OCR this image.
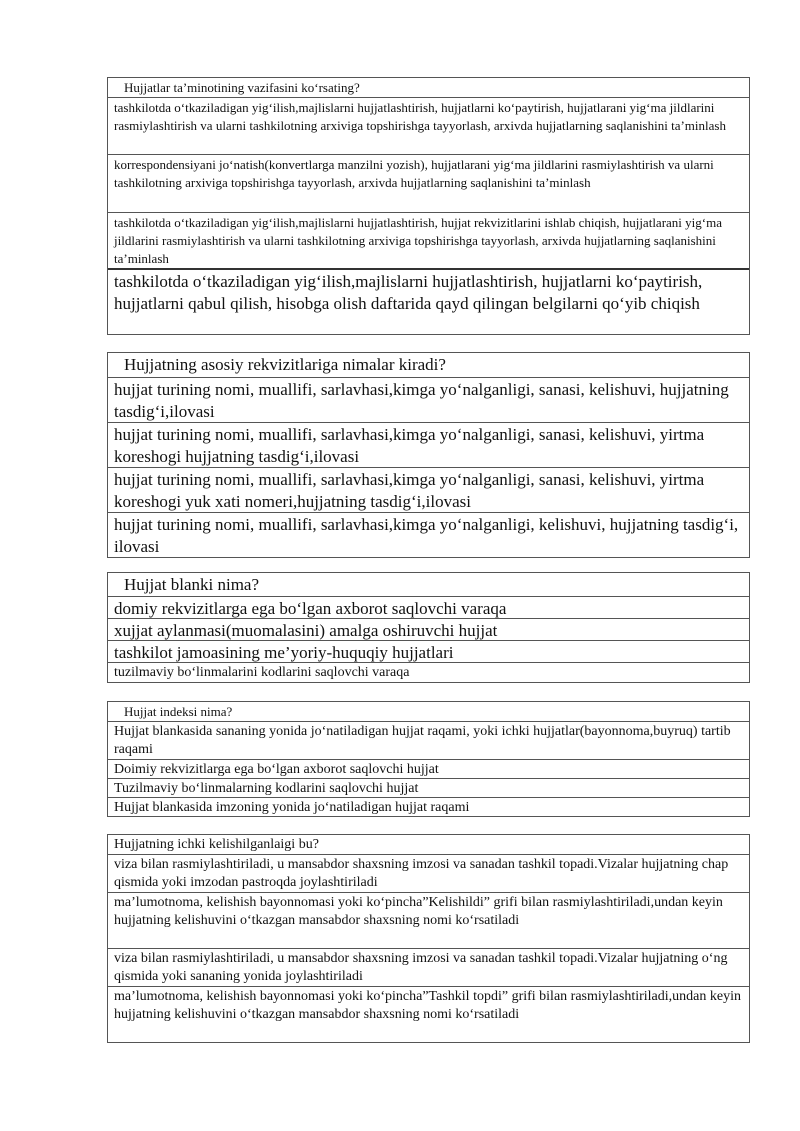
Hujjatlar ta’minotining vazifasini ko‘rsating?
tashkilotda o‘tkaziladigan yig‘ilish,majlislarni hujjatlashtirish, hujjatlarni ko‘paytirish, hujjatlarani yig‘ma jildlarini rasmiylashtirish va ularni tashkilotning arxiviga topshirishga tayyorlash, arxivda hujjatlarning saqlanishini ta’minlash
korrespondensiyani jo‘natish(konvertlarga manzilni yozish), hujjatlarani yig‘ma jildlarini rasmiylashtirish va ularni tashkilotning arxiviga topshirishga tayyorlash, arxivda hujjatlarning saqlanishini ta’minlash
tashkilotda o‘tkaziladigan yig‘ilish,majlislarni hujjatlashtirish, hujjat rekvizitlarini ishlab chiqish, hujjatlarani yig‘ma jildlarini rasmiylashtirish va ularni tashkilotning arxiviga topshirishga tayyorlash, arxivda hujjatlarning saqlanishini ta’minlash
tashkilotda o‘tkaziladigan yig‘ilish,majlislarni hujjatlashtirish, hujjatlarni ko‘paytirish, hujjatlarni qabul qilish, hisobga olish daftarida qayd qilingan belgilarni qo‘yib chiqish
Hujjatning asosiy rekvizitlariga nimalar kiradi?
hujjat turining nomi, muallifi, sarlavhasi,kimga yo‘nalganligi, sanasi, kelishuvi, hujjatning tasdig‘i,ilovasi
hujjat turining nomi, muallifi, sarlavhasi,kimga yo‘nalganligi, sanasi, kelishuvi, yirtma koreshogi hujjatning tasdig‘i,ilovasi
hujjat turining nomi, muallifi, sarlavhasi,kimga yo‘nalganligi, sanasi, kelishuvi, yirtma koreshogi yuk xati nomeri,hujjatning tasdig‘i,ilovasi
hujjat turining nomi, muallifi, sarlavhasi,kimga yo‘nalganligi, kelishuvi, hujjatning tasdig‘i, ilovasi
Hujjat blanki nima?
domiy rekvizitlarga ega bo‘lgan axborot saqlovchi varaqa
xujjat aylanmasi(muomalasini) amalga oshiruvchi hujjat
tashkilot jamoasining me’yoriy-huquqiy hujjatlari
tuzilmaviy bo‘linmalarini kodlarini saqlovchi varaqa
Hujjat indeksi nima?
Hujjat blankasida sananing yonida jo‘natiladigan hujjat raqami, yoki ichki hujjatlar(bayonnoma,buyruq) tartib raqami
Doimiy rekvizitlarga ega bo‘lgan axborot saqlovchi hujjat
Tuzilmaviy bo‘linmalarning kodlarini saqlovchi hujjat
Hujjat blankasida imzoning yonida jo‘natiladigan hujjat raqami
Hujjatning ichki kelishilganlaigi bu?
viza bilan rasmiylashtiriladi, u mansabdor shaxsning imzosi va sanadan tashkil topadi.Vizalar hujjatning chap qismida yoki imzodan pastroqda joylashtiriladi
ma’lumotnoma, kelishish bayonnomasi yoki ko‘pincha”Kelishildi” grifi bilan rasmiylashtiriladi,undan keyin hujjatning kelishuvini o‘tkazgan mansabdor shaxsning nomi ko‘rsatiladi
viza bilan rasmiylashtiriladi, u mansabdor shaxsning imzosi va sanadan tashkil topadi.Vizalar hujjatning o‘ng qismida yoki sananing yonida joylashtiriladi
ma’lumotnoma, kelishish bayonnomasi yoki ko‘pincha”Tashkil topdi” grifi bilan rasmiylashtiriladi,undan keyin hujjatning kelishuvini o‘tkazgan mansabdor shaxsning nomi ko‘rsatiladi
